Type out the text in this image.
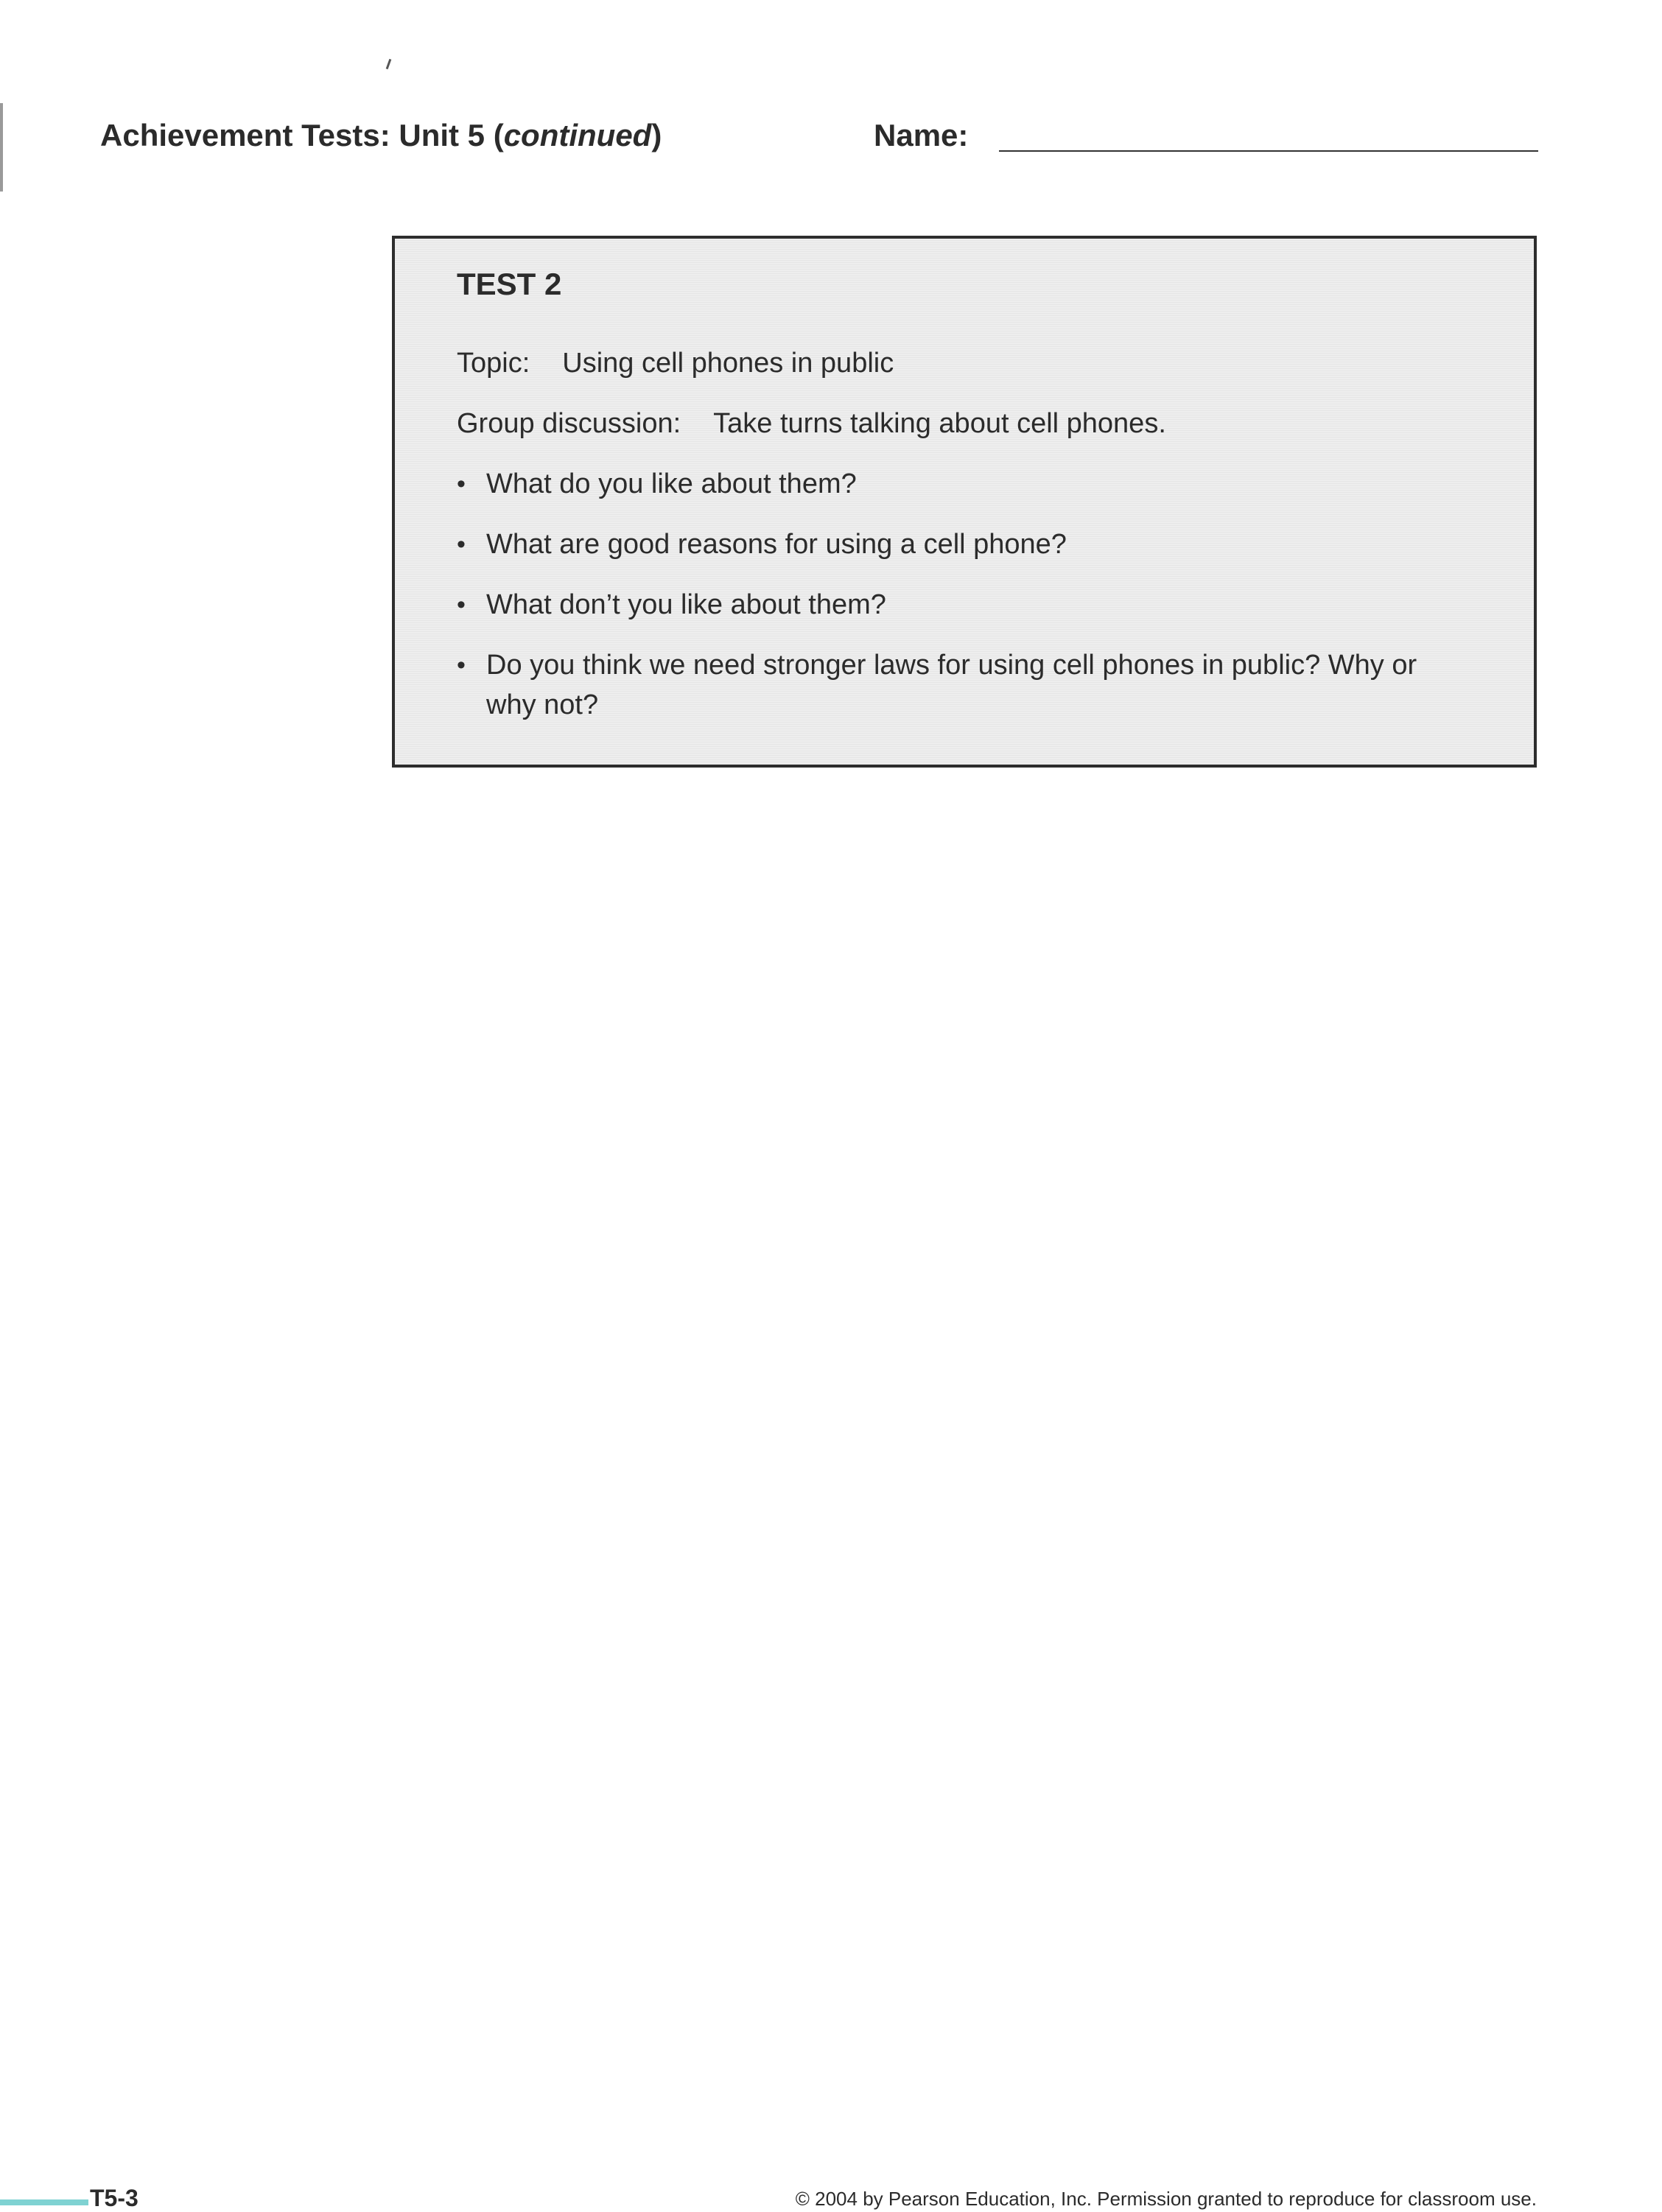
Achievement Tests: Unit 5 (continued)	Name:
TEST 2
Topic: Using cell phones in public
Group discussion: Take turns talking about cell phones.
• What do you like about them?
• What are good reasons for using a cell phone?
• What don’t you like about them?
• Do you think we need stronger laws for using cell phones in public? Why or why not?
T5-3	© 2004 by Pearson Education, Inc. Permission granted to reproduce for classroom use.
